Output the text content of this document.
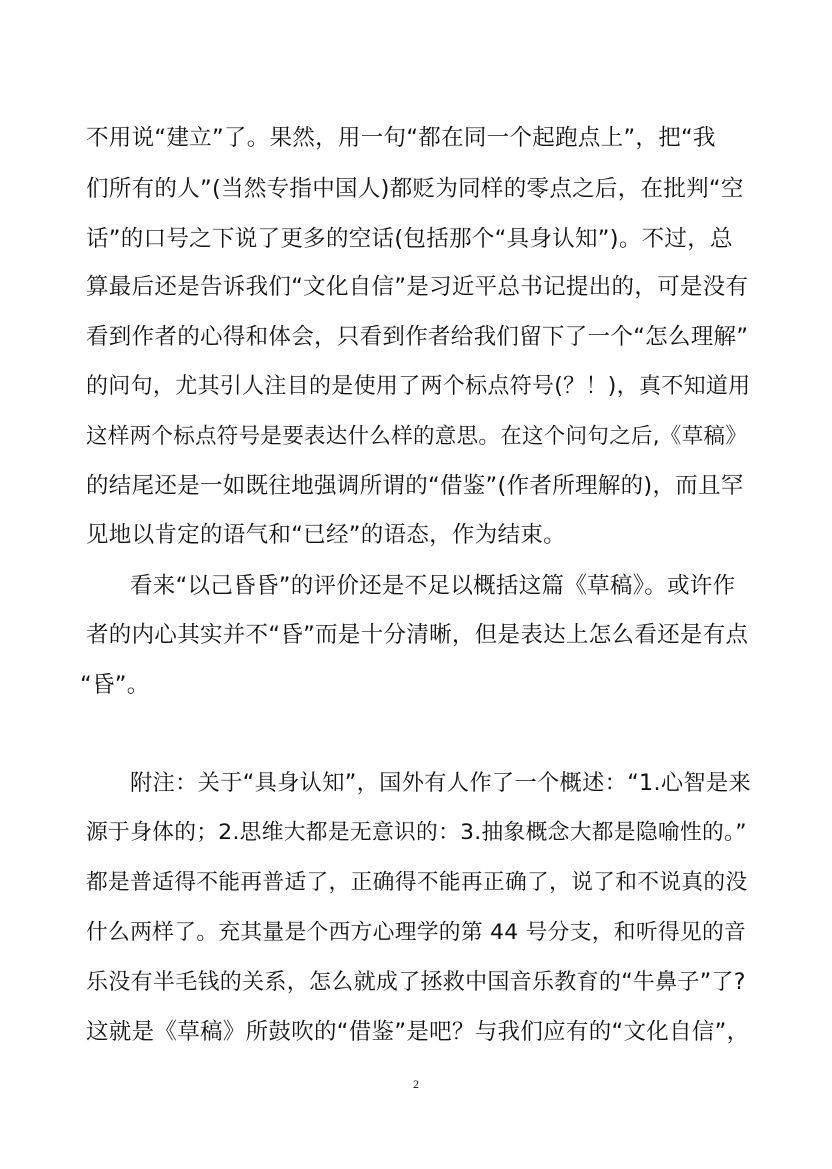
不用说“建立”了。果然，用一句“都在同一个起跑点上”，把“我
们所有的人”(当然专指中国人)都贬为同样的零点之后，在批判“空
话”的口号之下说了更多的空话(包括那个“具身认知”)。不过，总
算最后还是告诉我们“文化自信”是习近平总书记提出的，可是没有
看到作者的心得和体会，只看到作者给我们留下了一个“怎么理解”
的问句，尤其引人注目的是使用了两个标点符号(？！)，真不知道用
这样两个标点符号是要表达什么样的意思。在这个问句之后,《草稿》
的结尾还是一如既往地强调所谓的“借鉴”(作者所理解的)，而且罕
见地以肯定的语气和“已经”的语态，作为结束。
看来“以己昏昏”的评价还是不足以概括这篇《草稿》。或许作
者的内心其实并不“昏”而是十分清晰，但是表达上怎么看还是有点
“昏”。
附注：关于“具身认知”，国外有人作了一个概述：“1.心智是来
源于身体的；2.思维大都是无意识的：3.抽象概念大都是隐喻性的。”
都是普适得不能再普适了，正确得不能再正确了，说了和不说真的没
什么两样了。充其量是个西方心理学的第 44 号分支，和听得见的音
乐没有半毛钱的关系，怎么就成了拯救中国音乐教育的“牛鼻子”了?
这就是《草稿》所鼓吹的“借鉴”是吧？与我们应有的“文化自信”，
2
